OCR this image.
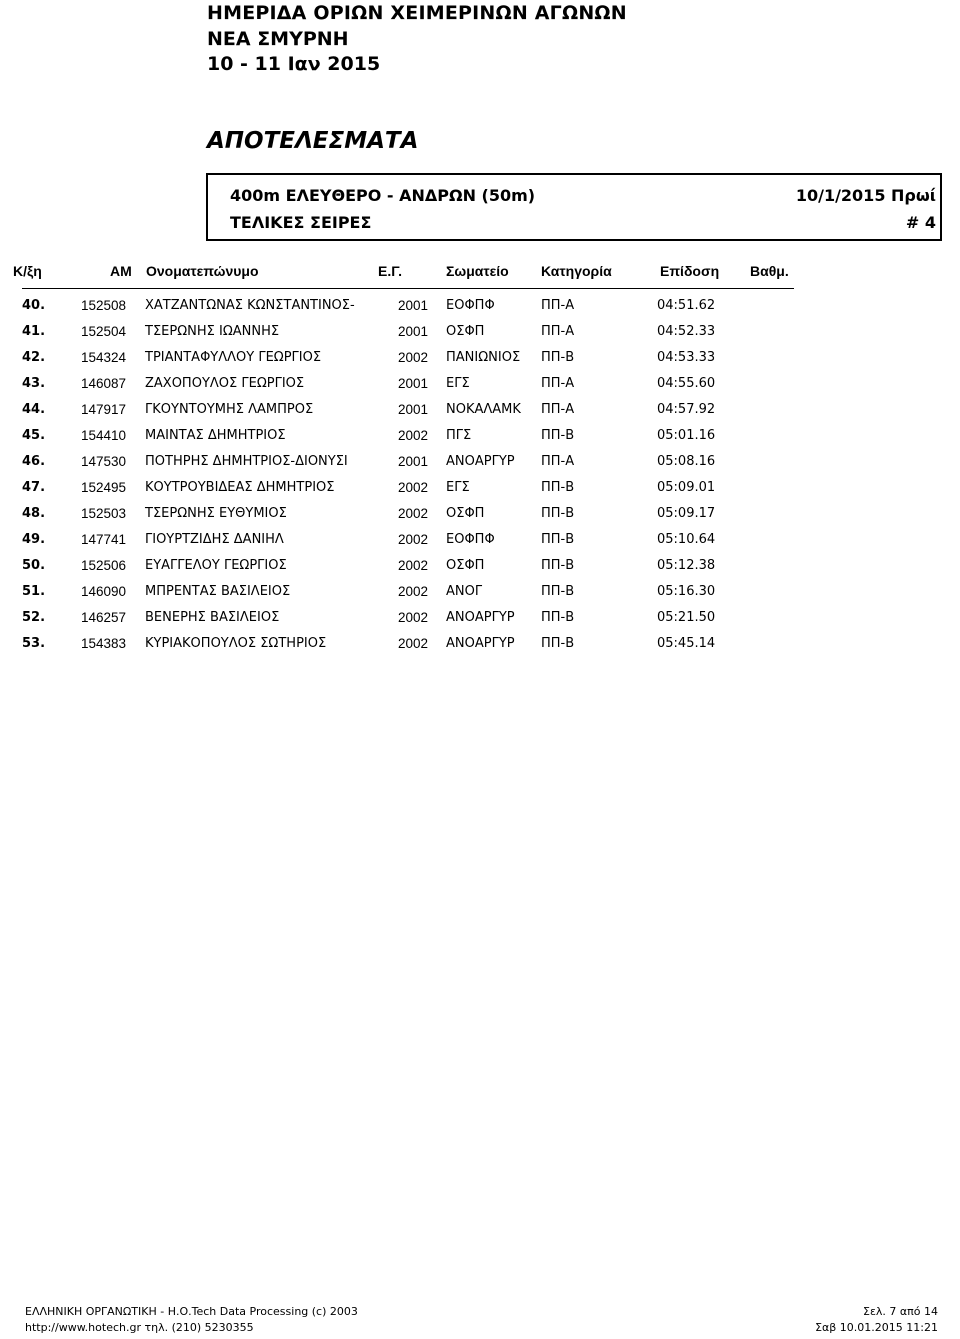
ΗΜΕΡΙΔΑ ΟΡΙΩΝ ΧΕΙΜΕΡΙΝΩΝ ΑΓΩΝΩΝ
ΝΕΑ ΣΜΥΡΝΗ
10 - 11 Ιαν 2015
ΑΠΟΤΕΛΕΣΜΑΤΑ
400m ΕΛΕΥΘΕΡΟ - ΑΝΔΡΩΝ (50m)	10/1/2015 Πρωί
ΤΕΛΙΚΕΣ ΣΕΙΡΕΣ	# 4
Κ/ξη	ΑΜ Ονοματεπώνυμο	Ε.Γ.	Σωματείο Κατηγορία	Επίδοση Βαθμ.
40.	152508 ΧΑΤΖΑΝΤΩΝΑΣ ΚΩΝΣΤΑΝΤΙΝΟΣ-	2001 ΕΟΦΠΦ	ΠΠ-Α	04:51.62
41.	152504 ΤΣΕΡΩΝΗΣ ΙΩΑΝΝΗΣ	2001 ΟΣΦΠ	ΠΠ-Α	04:52.33
42.	154324 ΤΡΙΑΝΤΑΦΥΛΛΟΥ ΓΕΩΡΓΙΟΣ	2002 ΠΑΝΙΩΝΙΟΣ ΠΠ-Β	04:53.33
43.	146087 ΖΑΧΟΠΟΥΛΟΣ ΓΕΩΡΓΙΟΣ	2001 ΕΓΣ	ΠΠ-Α	04:55.60
44.	147917 ΓΚΟΥΝΤΟΥΜΗΣ ΛΑΜΠΡΟΣ	2001 ΝΟΚΑΛΑΜΚ ΠΠ-Α	04:57.92
45.	154410 ΜΑΙΝΤΑΣ ΔΗΜΗΤΡΙΟΣ	2002 ΠΓΣ	ΠΠ-Β	05:01.16
46.	147530 ΠΟΤΗΡΗΣ ΔΗΜΗΤΡΙΟΣ-ΔΙΟΝΥΣΙ	2001 ΑΝΟΑΡΓΥΡ ΠΠ-Α	05:08.16
47.	152495 ΚΟΥΤΡΟΥΒΙΔΕΑΣ ΔΗΜΗΤΡΙΟΣ	2002 ΕΓΣ	ΠΠ-Β	05:09.01
48.	152503 ΤΣΕΡΩΝΗΣ ΕΥΘΥΜΙΟΣ	2002 ΟΣΦΠ	ΠΠ-Β	05:09.17
49.	147741 ΓΙΟΥΡΤΖΙΔΗΣ ΔΑΝΙΗΛ	2002 ΕΟΦΠΦ	ΠΠ-Β	05:10.64
50.	152506 ΕΥΑΓΓΕΛΟΥ ΓΕΩΡΓΙΟΣ	2002 ΟΣΦΠ	ΠΠ-Β	05:12.38
51.	146090 ΜΠΡΕΝΤΑΣ ΒΑΣΙΛΕΙΟΣ	2002 ΑΝΟΓ	ΠΠ-Β	05:16.30
52.	146257 ΒΕΝΕΡΗΣ ΒΑΣΙΛΕΙΟΣ	2002 ΑΝΟΑΡΓΥΡ ΠΠ-Β	05:21.50
53.	154383 ΚΥΡΙΑΚΟΠΟΥΛΟΣ ΣΩΤΗΡΙΟΣ	2002 ΑΝΟΑΡΓΥΡ ΠΠ-Β	05:45.14
ΕΛΛΗΝΙΚΗ ΟΡΓΑΝΩΤΙΚΗ - Η.Ο.Tech Data Processing (c) 2003
http://www.hotech.gr τηλ. (210) 5230355
Σελ. 7 από 14
Σαβ 10.01.2015 11:21
